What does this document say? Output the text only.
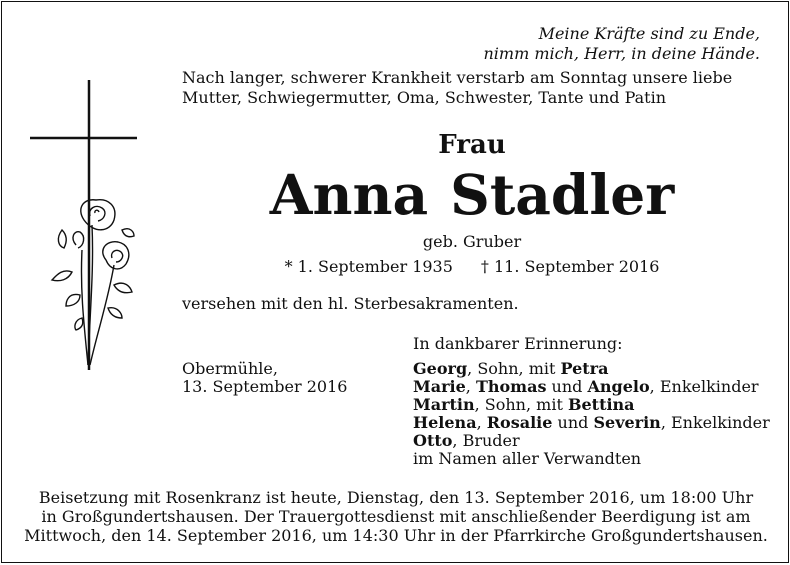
Meine Kräfte sind zu Ende,
nimm mich, Herr, in deine Hände.
Nach langer, schwerer Krankheit verstarb am Sonntag unsere liebe
Mutter, Schwiegermutter, Oma, Schwester, Tante und Patin
Frau
Anna Stadler
geb. Gruber
* 1. September 1935 † 11. September 2016
versehen mit den hl. Sterbesakramenten.
In dankbarer Erinnerung:
Obermühle,
13. September 2016
Georg, Sohn, mit Petra
Marie, Thomas und Angelo, Enkelkinder
Martin, Sohn, mit Bettina
Helena, Rosalie und Severin, Enkelkinder
Otto, Bruder
im Namen aller Verwandten
Beisetzung mit Rosenkranz ist heute, Dienstag, den 13. September 2016, um 18:00 Uhr
in Großgundertshausen. Der Trauergottesdienst mit anschließender Beerdigung ist am
Mittwoch, den 14. September 2016, um 14:30 Uhr in der Pfarrkirche Großgundertshausen.
